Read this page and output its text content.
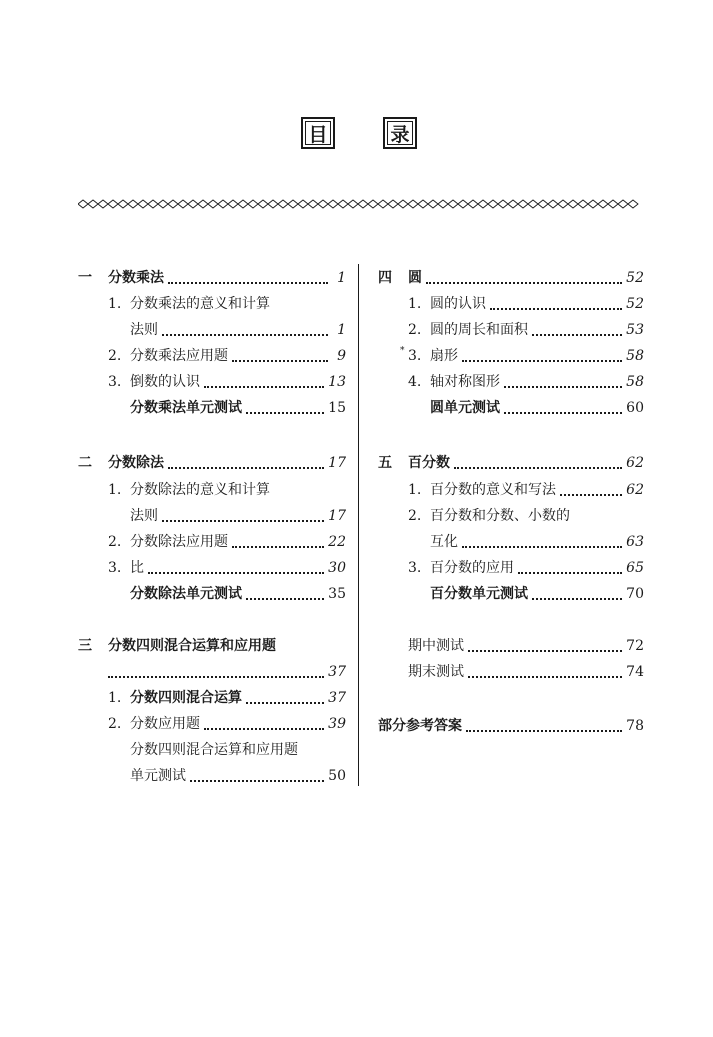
目	录
一	分数乘法	1
1. 分数乘法的意义和计算
法则	1
2. 分数乘法应用题	9
3. 倒数的认识	13
分数乘法单元测试	15
二	分数除法	17
1. 分数除法的意义和计算
法则	17
2. 分数除法应用题	22
3. 比	30
分数除法单元测试	35
三	分数四则混合运算和应用题
37
1. 分数四则混合运算	37
2. 分数应用题	39
分数四则混合运算和应用题
单元测试	50
四	圆	52
1. 圆的认识	52
2. 圆的周长和面积	53
* 3. 扇形	58
4. 轴对称图形	58
圆单元测试	60
五	百分数	62
1. 百分数的意义和写法	62
2. 百分数和分数、小数的
互化	63
3. 百分数的应用	65
百分数单元测试	70
期中测试	72
期末测试	74
部分参考答案	78
